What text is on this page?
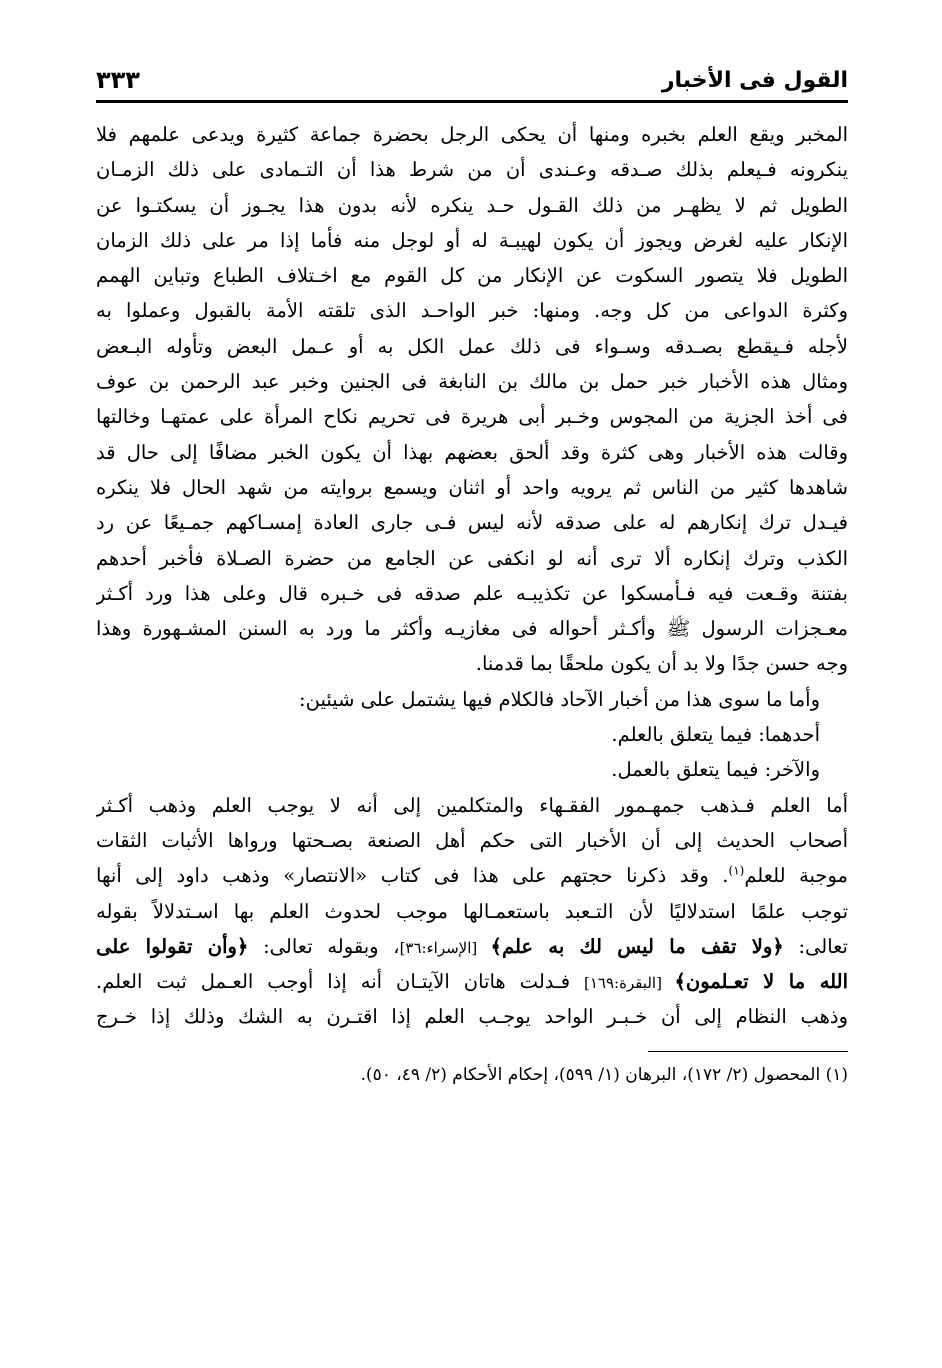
القول فى الأخبار
٣٣٣
المخبر ويقع العلم بخبره ومنها أن يحكى الرجل بحضرة جماعة كثيرة ويدعى علمهم فلا
ينكرونه فـيعلم بذلك صـدقه وعـندى أن من شرط هذا أن التـمادى على ذلك الزمـان
الطويل ثم لا يظهـر من ذلك القـول حـد ينكره لأنه بدون هذا يجـوز أن يسكتـوا عن
الإنكار عليه لغرض ويجوز أن يكون لهيبـة له أو لوجل منه فأما إذا مر على ذلك الزمان
الطويل فلا يتصور السكوت عن الإنكار من كل القوم مع اخـتلاف الطباع وتباين الهمم
وكثرة الدواعى من كل وجه. ومنها: خبر الواحـد الذى تلقته الأمة بالقبول وعملوا به
لأجله فـيقطع بصـدقه وسـواء فى ذلك عمل الكل به أو عـمل البعض وتأوله البـعض
ومثال هذه الأخبار خبر حمل بن مالك بن النابغة فى الجنين وخبر عبد الرحمن بن عوف
فى أخذ الجزية من المجوس وخـبر أبى هريرة فى تحريم نكاح المرأة على عمتهـا وخالتها
وقالت هذه الأخبار وهى كثرة وقد ألحق بعضهم بهذا أن يكون الخبر مضافًا إلى حال قد
شاهدها كثير من الناس ثم يرويه واحد أو اثنان ويسمع بروايته من شهد الحال فلا ينكره
فيـدل ترك إنكارهم له على صدقه لأنه ليس فـى جارى العادة إمسـاكهم جمـيعًا عن رد
الكذب وترك إنكاره ألا ترى أنه لو انكفى عن الجامع من حضرة الصـلاة فأخبر أحدهم
بفتنة وقـعت فيه فـأمسكوا عن تكذيبـه علم صدقه فى خـبره قال وعلى هذا ورد أكـثر
معـجزات الرسول ﷺ وأكـثر أحواله فى مغازيـه وأكثر ما ورد به السنن المشـهورة وهذا
وجه حسن جدًا ولا بد أن يكون ملحقًا بما قدمنا.
وأما ما سوى هذا من أخبار الآحاد فالكلام فيها يشتمل على شيئين:
أحدهما: فيما يتعلق بالعلم.
والآخر: فيما يتعلق بالعمل.
أما العلم فـذهب جمهـمور الفقـهاء والمتكلمين إلى أنه لا يوجب العلم وذهب أكـثر
أصحاب الحديث إلى أن الأخبار التى حكم أهل الصنعة بصـحتها ورواها الأثبات الثقات
موجبة للعلم$^{(١)}$. وقد ذكرنا حجتهم على هذا فى كتاب «الانتصار» وذهب داود إلى أنها
توجب علمًا استدلاليًا لأن التـعبد باستعمـالها موجب لحدوث العلم بها اسـتدلالاً بقوله
تعالى: ﴿ولا تقف ما ليس لك به علم﴾ [الإسراء:٣٦]، وبقوله تعالى: ﴿وأن تقولوا على
الله ما لا تعـلمون﴾ [البقرة:١٦٩] فـدلت هاتان الآيتـان أنه إذا أوجب العـمل ثبت العلم.
وذهب النظام إلى أن خـبـر الواحد يوجـب العلم إذا اقتـرن به الشك وذلك إذا خـرج
(١) المحصول (٢/ ١٧٢)، البرهان (١/ ٥٩٩)، إحكام الأحكام (٢/ ٤٩، ٥٠).
